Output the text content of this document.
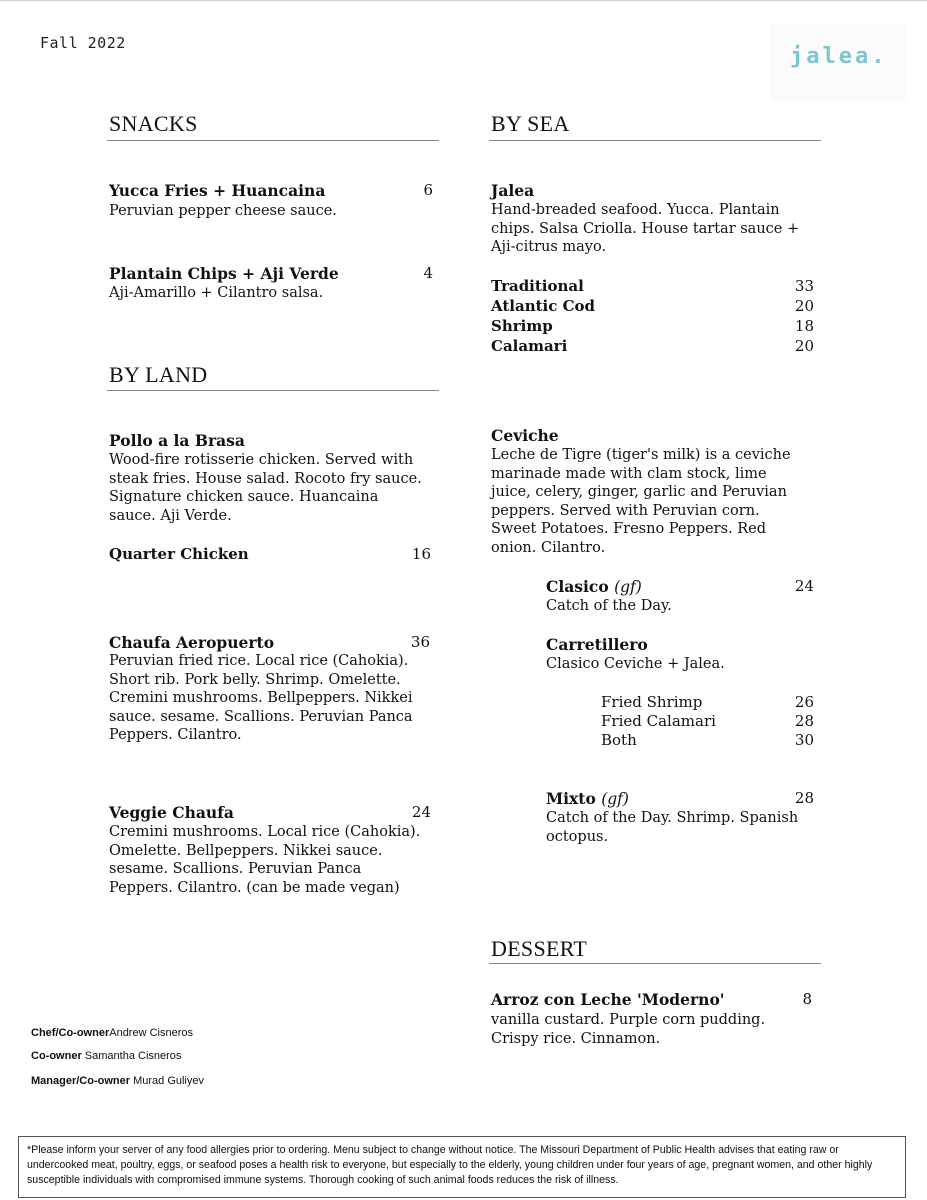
Fall 2022
jalea.
SNACKS
Yucca Fries + Huancaina	6
Peruvian pepper cheese sauce.
Plantain Chips + Aji Verde	4
Aji-Amarillo + Cilantro salsa.
BY LAND
Pollo a la Brasa
Wood-fire rotisserie chicken. Served with
steak fries. House salad. Rocoto fry sauce.
Signature chicken sauce. Huancaina
sauce. Aji Verde.
Quarter Chicken	16
Chaufa Aeropuerto	36
Peruvian fried rice. Local rice (Cahokia).
Short rib. Pork belly. Shrimp. Omelette.
Cremini mushrooms. Bellpeppers. Nikkei
sauce. sesame. Scallions. Peruvian Panca
Peppers. Cilantro.
Veggie Chaufa	24
Cremini mushrooms. Local rice (Cahokia).
Omelette. Bellpeppers. Nikkei sauce.
sesame. Scallions. Peruvian Panca
Peppers. Cilantro. (can be made vegan)
BY SEA
Jalea
Hand-breaded seafood. Yucca. Plantain
chips. Salsa Criolla. House tartar sauce +
Aji-citrus mayo.
Traditional	33
Atlantic Cod	20
Shrimp	18
Calamari	20
Ceviche
Leche de Tigre (tiger's milk) is a ceviche
marinade made with clam stock, lime
juice, celery, ginger, garlic and Peruvian
peppers. Served with Peruvian corn.
Sweet Potatoes. Fresno Peppers. Red
onion. Cilantro.
Clasico (gf)	24
Catch of the Day.
Carretillero
Clasico Ceviche + Jalea.
Fried Shrimp	26
Fried Calamari	28
Both	30
Mixto (gf)	28
Catch of the Day. Shrimp. Spanish
octopus.
DESSERT
Arroz con Leche 'Moderno'	8
vanilla custard. Purple corn pudding.
Crispy rice. Cinnamon.
Chef/Co-ownerAndrew Cisneros
Co-owner Samantha Cisneros
Manager/Co-owner Murad Guliyev
*Please inform your server of any food allergies prior to ordering. Menu subject to change without notice. The Missouri Department of Public Health advises that eating raw or undercooked meat, poultry, eggs, or seafood poses a health risk to everyone, but especially to the elderly, young children under four years of age, pregnant women, and other highly susceptible individuals with compromised immune systems. Thorough cooking of such animal foods reduces the risk of illness.
